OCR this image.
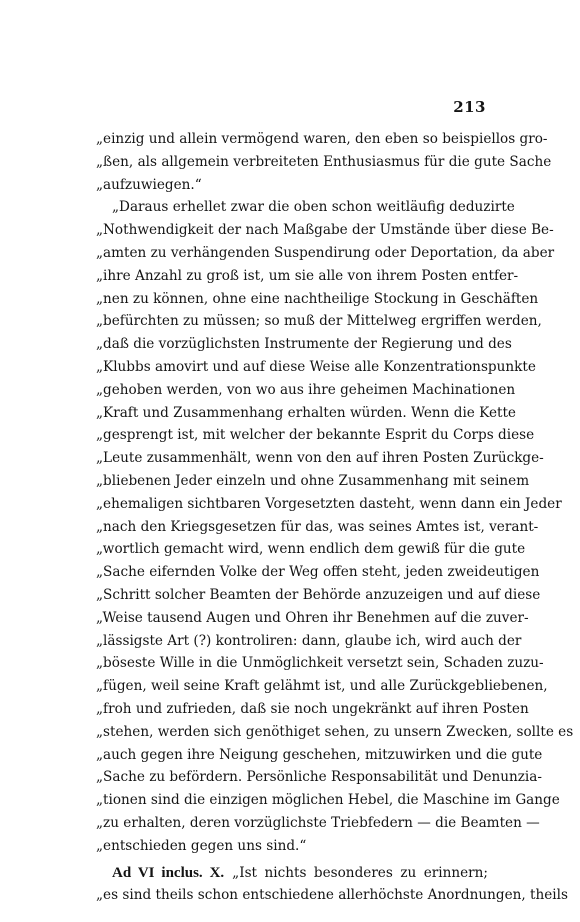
213
„einzig und allein vermögend waren, den eben so beispiellos gro-
„ßen, als allgemein verbreiteten Enthusiasmus für die gute Sache
„aufzuwiegen.“
„Daraus erhellet zwar die oben schon weitläufig deduzirte
„Nothwendigkeit der nach Maßgabe der Umstände über diese Be-
„amten zu verhängenden Suspendirung oder Deportation, da aber
„ihre Anzahl zu groß ist, um sie alle von ihrem Posten entfer-
„nen zu können, ohne eine nachtheilige Stockung in Geschäften
„befürchten zu müssen; so muß der Mittelweg ergriffen werden,
„daß die vorzüglichsten Instrumente der Regierung und des
„Klubbs amovirt und auf diese Weise alle Konzentrationspunkte
„gehoben werden, von wo aus ihre geheimen Machinationen
„Kraft und Zusammenhang erhalten würden. Wenn die Kette
„gesprengt ist, mit welcher der bekannte Esprit du Corps diese
„Leute zusammenhält, wenn von den auf ihren Posten Zurückge-
„bliebenen Jeder einzeln und ohne Zusammenhang mit seinem
„ehemaligen sichtbaren Vorgesetzten dasteht, wenn dann ein Jeder
„nach den Kriegsgesetzen für das, was seines Amtes ist, verant-
„wortlich gemacht wird, wenn endlich dem gewiß für die gute
„Sache eifernden Volke der Weg offen steht, jeden zweideutigen
„Schritt solcher Beamten der Behörde anzuzeigen und auf diese
„Weise tausend Augen und Ohren ihr Benehmen auf die zuver-
„lässigste Art (?) kontroliren: dann, glaube ich, wird auch der
„böseste Wille in die Unmöglichkeit versetzt sein, Schaden zuzu-
„fügen, weil seine Kraft gelähmt ist, und alle Zurückgebliebenen,
„froh und zufrieden, daß sie noch ungekränkt auf ihren Posten
„stehen, werden sich genöthiget sehen, zu unsern Zwecken, sollte es
„auch gegen ihre Neigung geschehen, mitzuwirken und die gute
„Sache zu befördern. Persönliche Responsabilität und Denunzia-
„tionen sind die einzigen möglichen Hebel, die Maschine im Gange
„zu erhalten, deren vorzüglichste Triebfedern — die Beamten —
„entschieden gegen uns sind.“
Ad VI inclus. X. „Ist nichts besonderes zu erinnern;
„es sind theils schon entschiedene allerhöchste Anordnungen, theils
